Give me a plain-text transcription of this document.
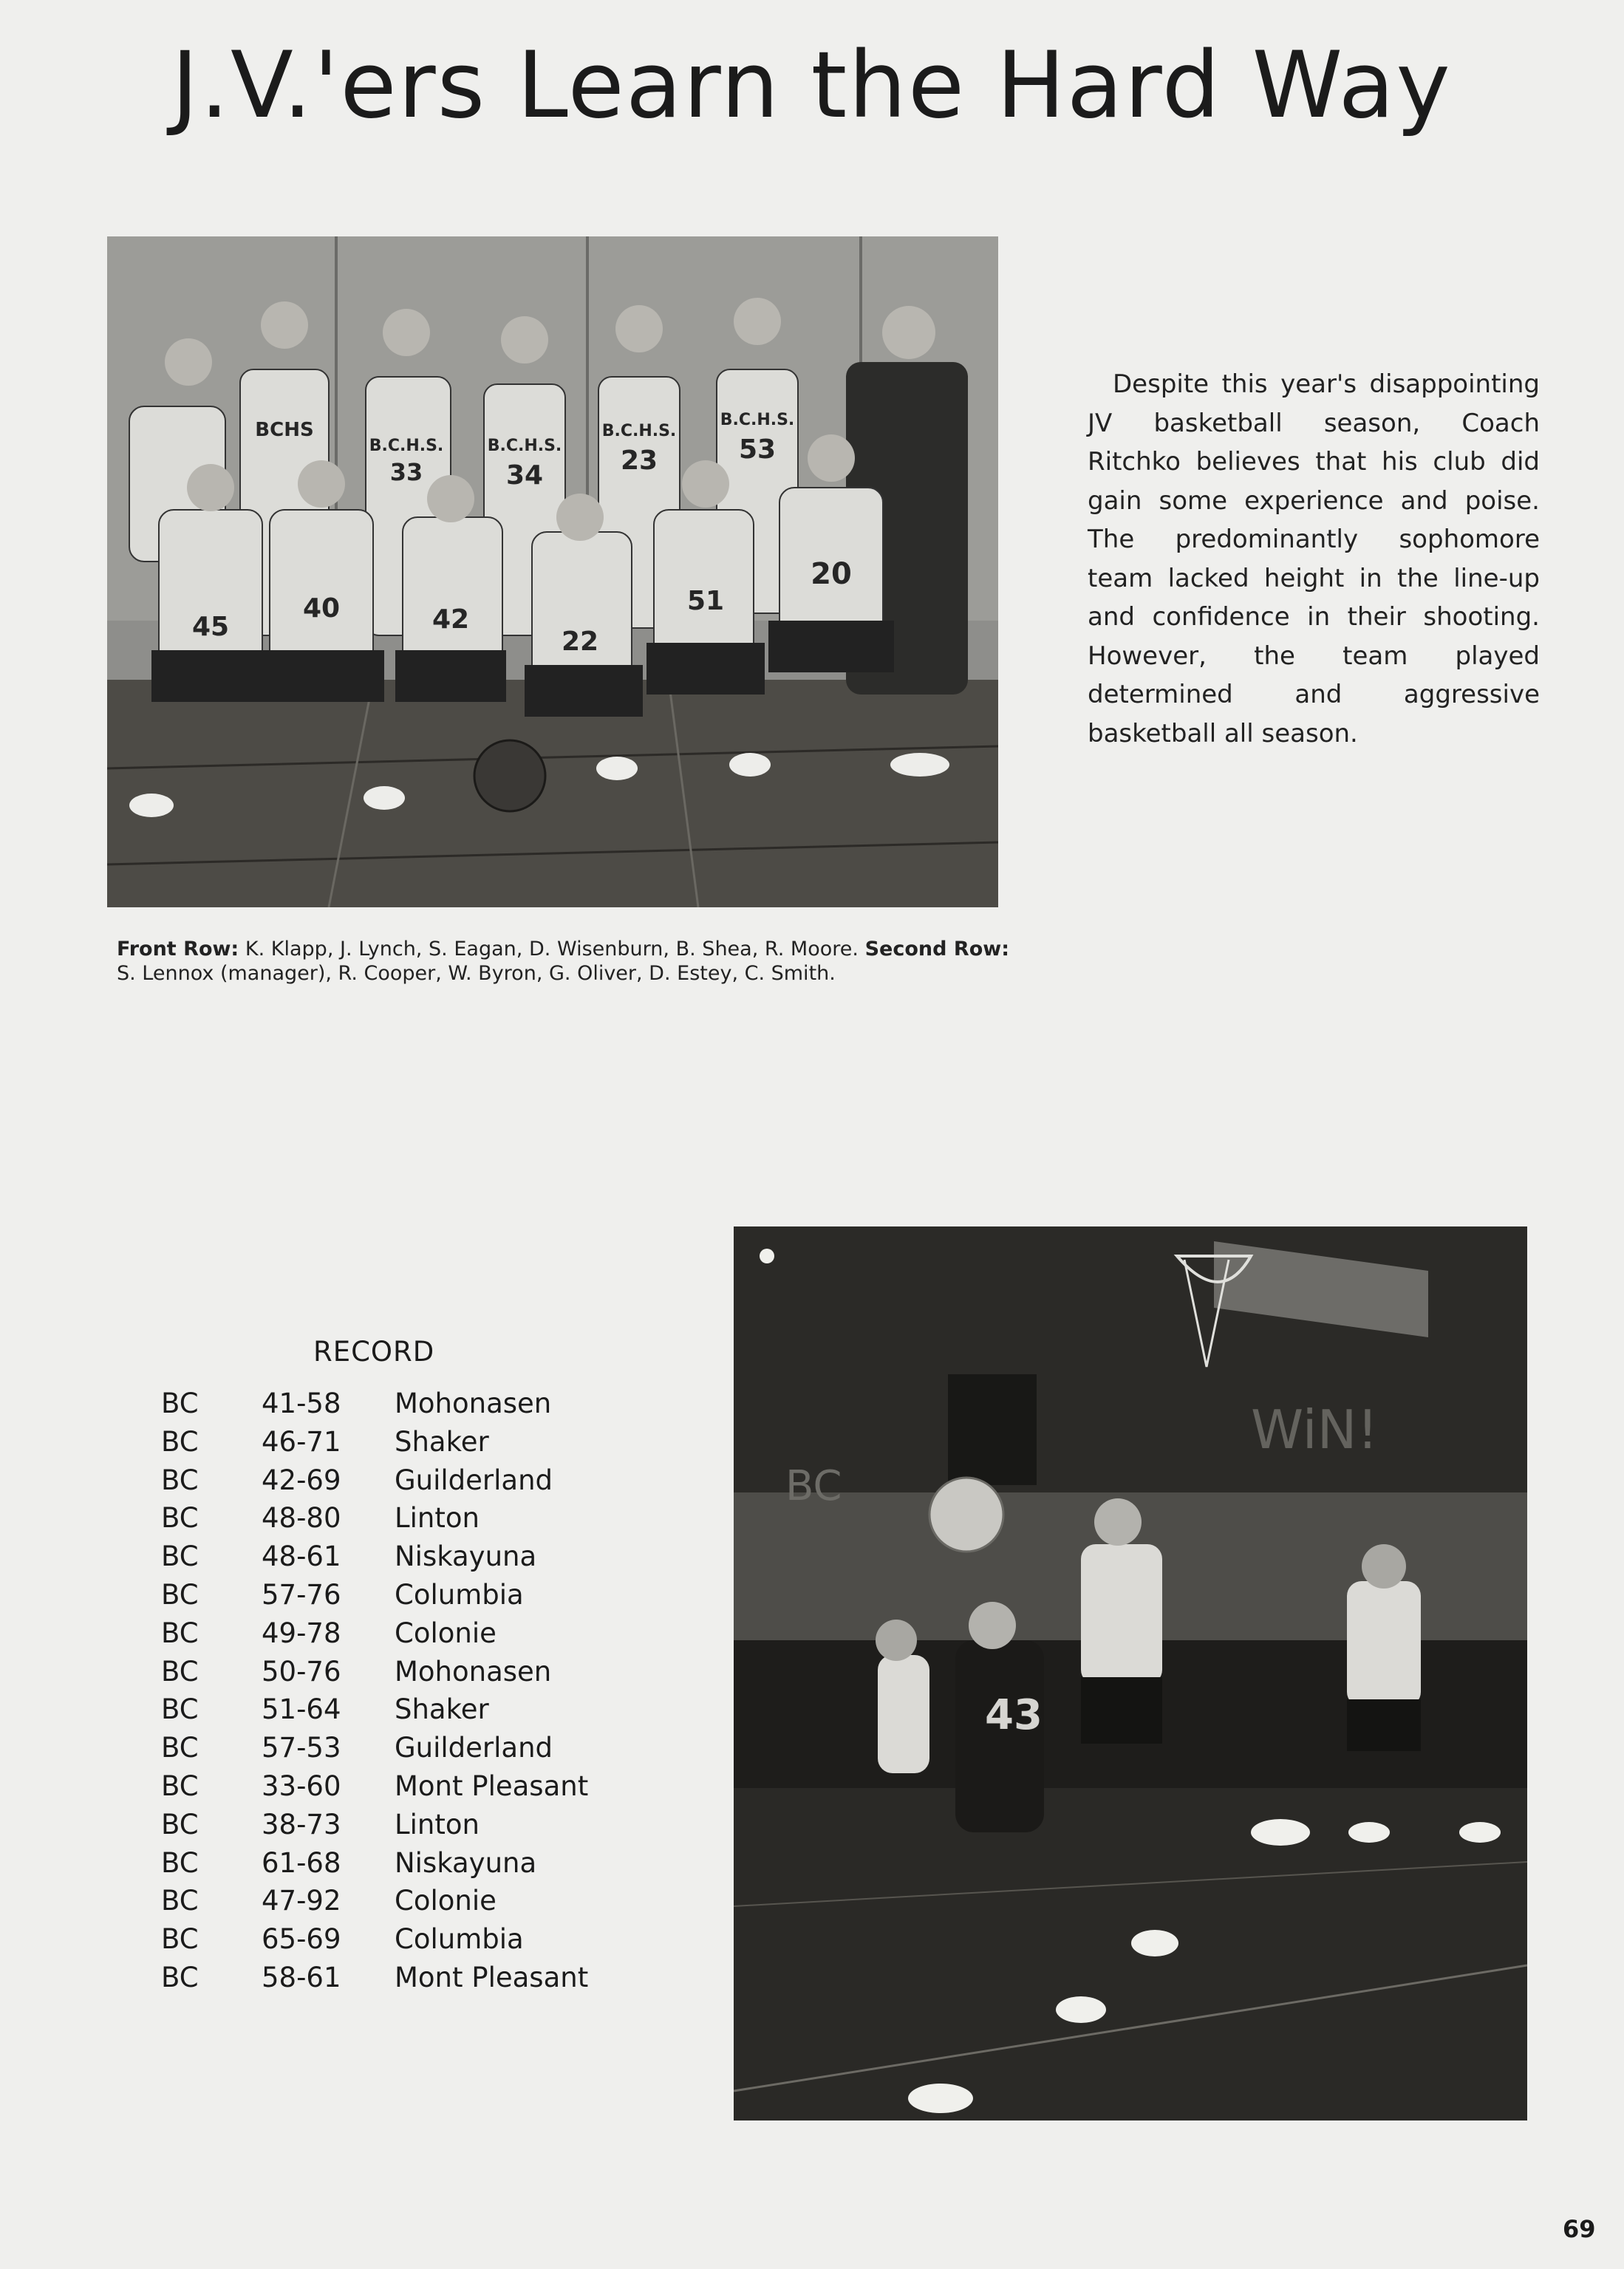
J.V.'ers Learn the Hard Way
BCHS
B.C.H.S.
33
B.C.H.S.
34
B.C.H.S.
23
B.C.H.S.
53
45
40	42
22
51
20
Despite this year's disappointing JV basketball season, Coach Ritchko believes that his club did gain some experience and poise. The predominantly sophomore team lacked height in the line-up and confidence in their shooting. However, the team played determined and aggressive basketball all season.
Front Row: K. Klapp, J. Lynch, S. Eagan, D. Wisenburn, B. Shea, R. Moore. Second Row: S. Lennox (manager), R. Cooper, W. Byron, G. Oliver, D. Estey, C. Smith.
RECORD
BC 41-58 Mohonasen
BC 46-71 Shaker
BC 42-69 Guilderland
BC 48-80 Linton
BC 48-61 Niskayuna
BC 57-76 Columbia
BC 49-78 Colonie
BC 50-76 Mohonasen
BC 51-64 Shaker
BC 57-53 Guilderland
BC 33-60 Mont Pleasant
BC 38-73 Linton
BC 61-68 Niskayuna
BC 47-92 Colonie
BC 65-69 Columbia
BC 58-61 Mont Pleasant
BC
WiN!
43
69
